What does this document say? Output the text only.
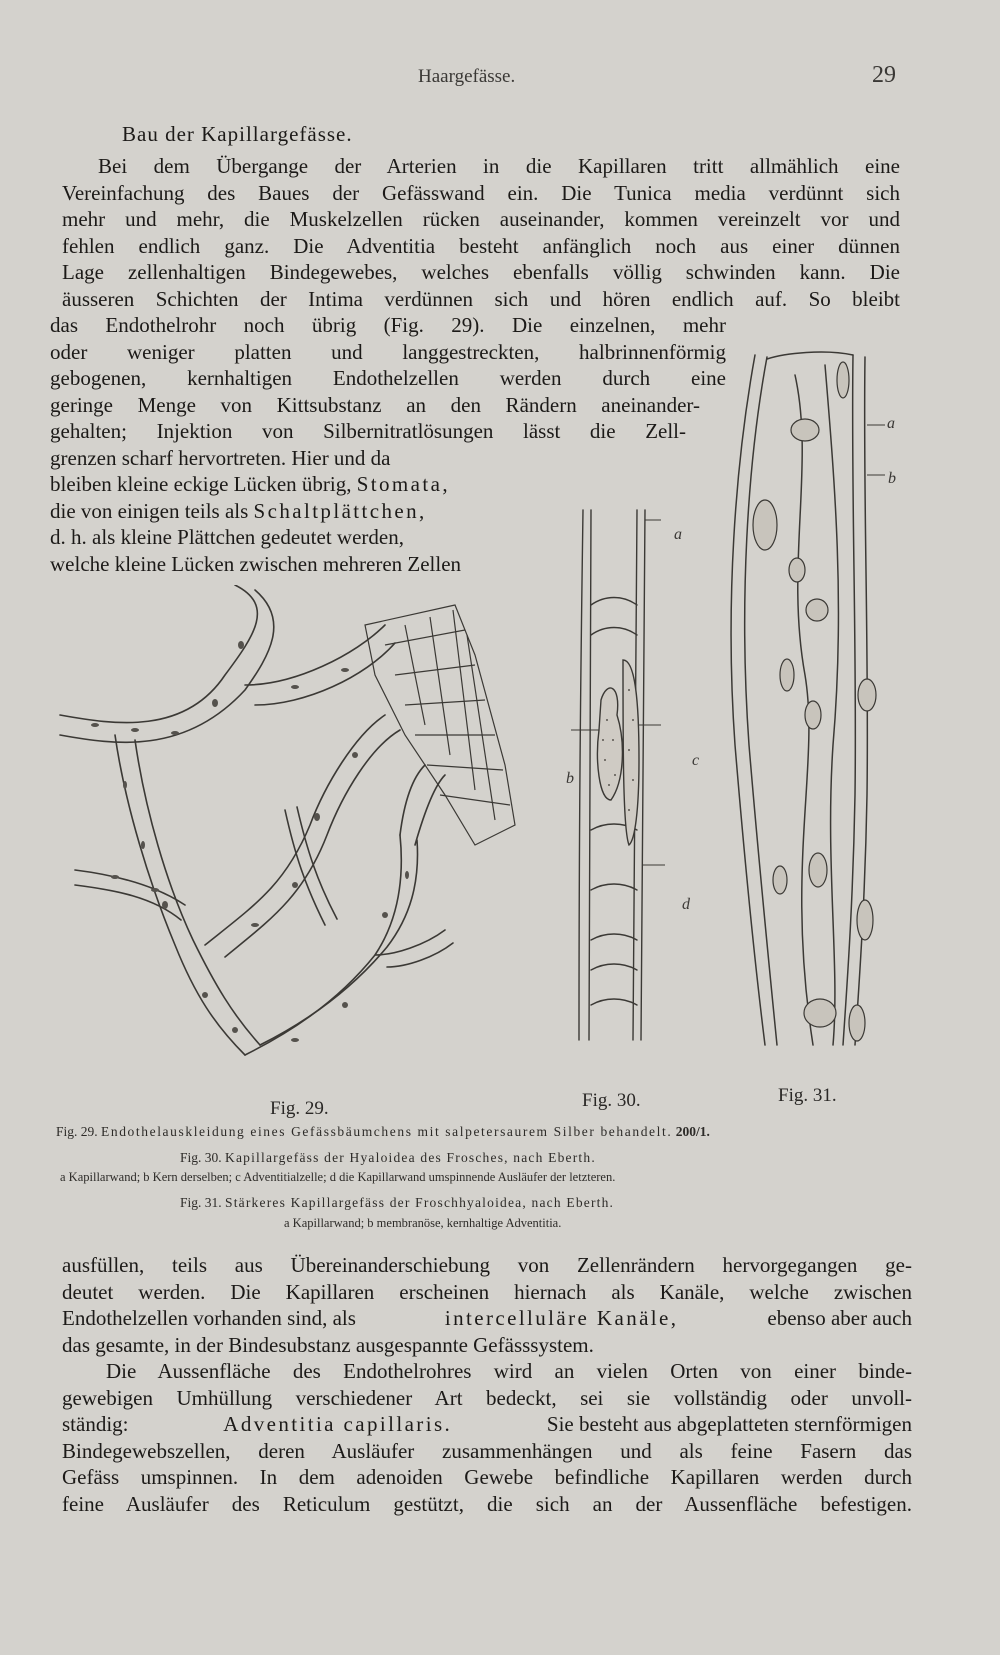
Haargefässe.	29
Bau der Kapillargefässe.
Bei dem Übergange der Arterien in die Kapillaren tritt allmählich eine
Vereinfachung des Baues der Gefässwand ein. Die Tunica media verdünnt sich
mehr und mehr, die Muskelzellen rücken auseinander, kommen vereinzelt vor und
fehlen endlich ganz. Die Adventitia besteht anfänglich noch aus einer dünnen
Lage zellenhaltigen Bindegewebes, welches ebenfalls völlig schwinden kann. Die
äusseren Schichten der Intima verdünnen sich und hören endlich auf. So bleibt
das Endothelrohr noch übrig (Fig. 29). Die einzelnen, mehr
oder weniger platten und langgestreckten, halbrinnenförmig
gebogenen, kernhaltigen Endothelzellen werden durch eine
geringe Menge von Kittsubstanz an den Rändern aneinander-
gehalten; Injektion von Silbernitratlösungen lässt die Zell-
grenzen scharf hervortreten. Hier und da
bleiben kleine eckige Lücken übrig, Stomata,
die von einigen teils als Schaltplättchen,
d. h. als kleine Plättchen gedeutet werden,
welche kleine Lücken zwischen mehreren Zellen
a
b
c
d
a
b
Fig. 29.	Fig. 30.	Fig. 31.
Fig. 29. Endothelauskleidung eines Gefässbäumchens mit salpetersaurem Silber behandelt. 200/1.
Fig. 30. Kapillargefäss der Hyaloidea des Frosches, nach Eberth.
a Kapillarwand; b Kern derselben; c Adventitialzelle; d die Kapillarwand umspinnende Ausläufer der letzteren.
Fig. 31. Stärkeres Kapillargefäss der Froschhyaloidea, nach Eberth.
a Kapillarwand; b membranöse, kernhaltige Adventitia.
ausfüllen, teils aus Übereinanderschiebung von Zellenrändern hervorgegangen ge-
deutet werden. Die Kapillaren erscheinen hiernach als Kanäle, welche zwischen
Endothelzellen vorhanden sind, als	intercelluläre Kanäle,	ebenso aber auch
das gesamte, in der Bindesubstanz ausgespannte Gefässsystem.
Die Aussenfläche des Endothelrohres wird an vielen Orten von einer binde-
gewebigen Umhüllung verschiedener Art bedeckt, sei sie vollständig oder unvoll-
ständig:	Adventitia capillaris.	Sie besteht aus abgeplatteten sternförmigen
Bindegewebszellen, deren Ausläufer zusammenhängen und als feine Fasern das
Gefäss umspinnen. In dem adenoiden Gewebe befindliche Kapillaren werden durch
feine Ausläufer des Reticulum gestützt, die sich an der Aussenfläche befestigen.
